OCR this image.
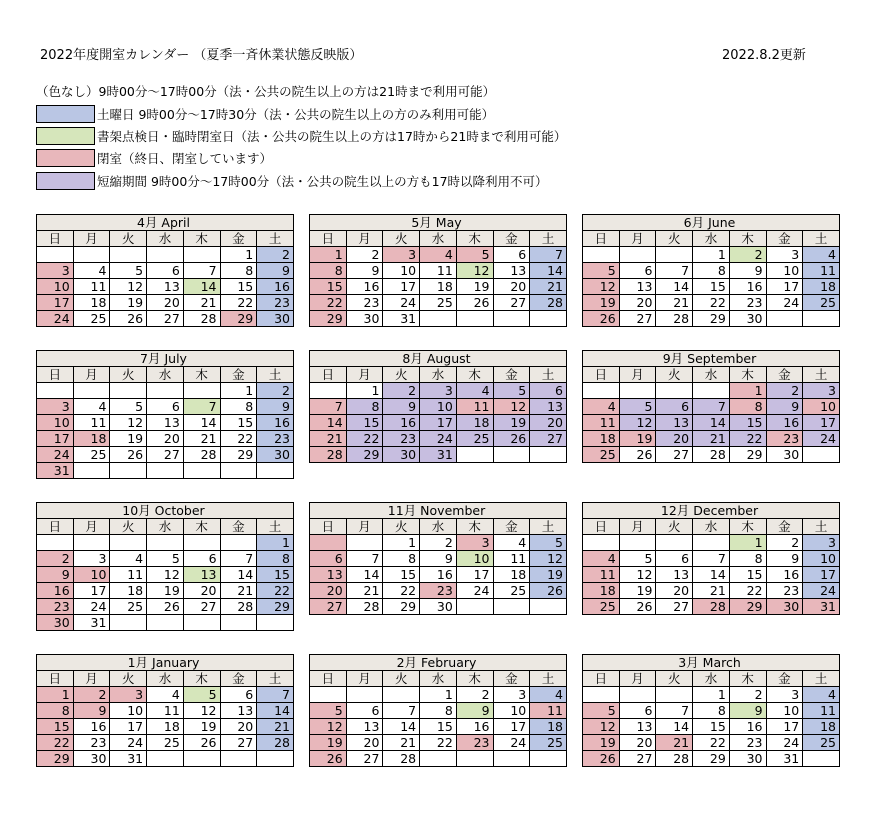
2022年度開室カレンダー （夏季一斉休業状態反映版）	2022.8.2更新
（色なし）9時00分～17時00分（法・公共の院生以上の方は21時まで利用可能）
土曜日 9時00分～17時30分（法・公共の院生以上の方のみ利用可能）
書架点検日・臨時閉室日（法・公共の院生以上の方は17時から21時まで利用可能）
閉室（終日、閉室しています）
短縮期間 9時00分～17時00分（法・公共の院生以上の方も17時以降利用不可）
4月 April						
日	月	火	水	木	金	土
					1	2
3	4	5	6	7	8	9
10	11	12	13	14	15	16
17	18	19	20	21	22	23
24	25	26	27	28	29	30
5月 May						
日	月	火	水	木	金	土
1	2	3	4	5	6	7
8	9	10	11	12	13	14
15	16	17	18	19	20	21
22	23	24	25	26	27	28
29	30	31				
6月 June						
日	月	火	水	木	金	土
			1	2	3	4
5	6	7	8	9	10	11
12	13	14	15	16	17	18
19	20	21	22	23	24	25
26	27	28	29	30		
7月 July						
日	月	火	水	木	金	土
					1	2
3	4	5	6	7	8	9
10	11	12	13	14	15	16
17	18	19	20	21	22	23
24	25	26	27	28	29	30
31						
8月 August						
日	月	火	水	木	金	土
	1	2	3	4	5	6
7	8	9	10	11	12	13
14	15	16	17	18	19	20
21	22	23	24	25	26	27
28	29	30	31			
9月 September						
日	月	火	水	木	金	土
				1	2	3
4	5	6	7	8	9	10
11	12	13	14	15	16	17
18	19	20	21	22	23	24
25	26	27	28	29	30	
10月 October						
日	月	火	水	木	金	土
						1
2	3	4	5	6	7	8
9	10	11	12	13	14	15
16	17	18	19	20	21	22
23	24	25	26	27	28	29
30	31					
11月 November						
日	月	火	水	木	金	土
		1	2	3	4	5
6	7	8	9	10	11	12
13	14	15	16	17	18	19
20	21	22	23	24	25	26
27	28	29	30			
12月 December						
日	月	火	水	木	金	土
				1	2	3
4	5	6	7	8	9	10
11	12	13	14	15	16	17
18	19	20	21	22	23	24
25	26	27	28	29	30	31
1月 January						
日	月	火	水	木	金	土
1	2	3	4	5	6	7
8	9	10	11	12	13	14
15	16	17	18	19	20	21
22	23	24	25	26	27	28
29	30	31				
2月 February						
日	月	火	水	木	金	土
			1	2	3	4
5	6	7	8	9	10	11
12	13	14	15	16	17	18
19	20	21	22	23	24	25
26	27	28				
3月 March						
日	月	火	水	木	金	土
			1	2	3	4
5	6	7	8	9	10	11
12	13	14	15	16	17	18
19	20	21	22	23	24	25
26	27	28	29	30	31	
